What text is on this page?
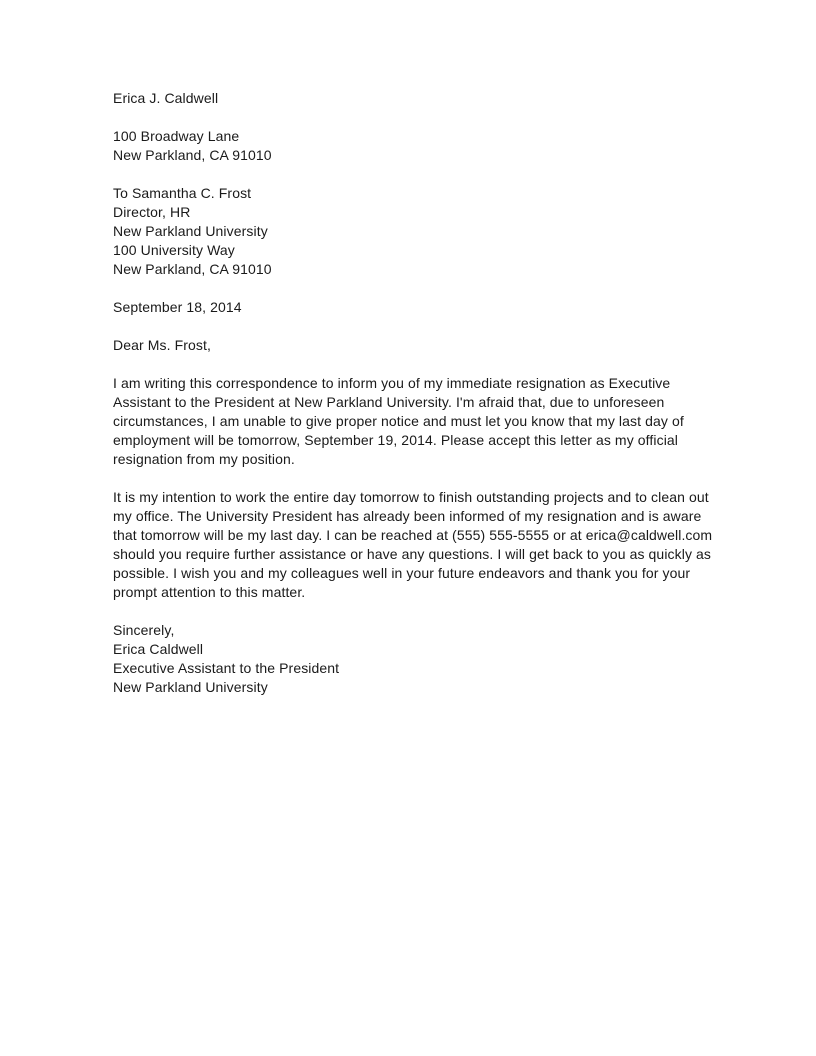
Erica J. Caldwell
100 Broadway Lane
New Parkland, CA 91010
To Samantha C. Frost
Director, HR
New Parkland University
100 University Way
New Parkland, CA 91010
September 18, 2014
Dear Ms. Frost,
I am writing this correspondence to inform you of my immediate resignation as Executive
Assistant to the President at New Parkland University. I'm afraid that, due to unforeseen
circumstances, I am unable to give proper notice and must let you know that my last day of
employment will be tomorrow, September 19, 2014. Please accept this letter as my official
resignation from my position.
It is my intention to work the entire day tomorrow to finish outstanding projects and to clean out
my office. The University President has already been informed of my resignation and is aware
that tomorrow will be my last day. I can be reached at (555) 555-5555 or at erica@caldwell.com
should you require further assistance or have any questions. I will get back to you as quickly as
possible. I wish you and my colleagues well in your future endeavors and thank you for your
prompt attention to this matter.
Sincerely,
Erica Caldwell
Executive Assistant to the President
New Parkland University
